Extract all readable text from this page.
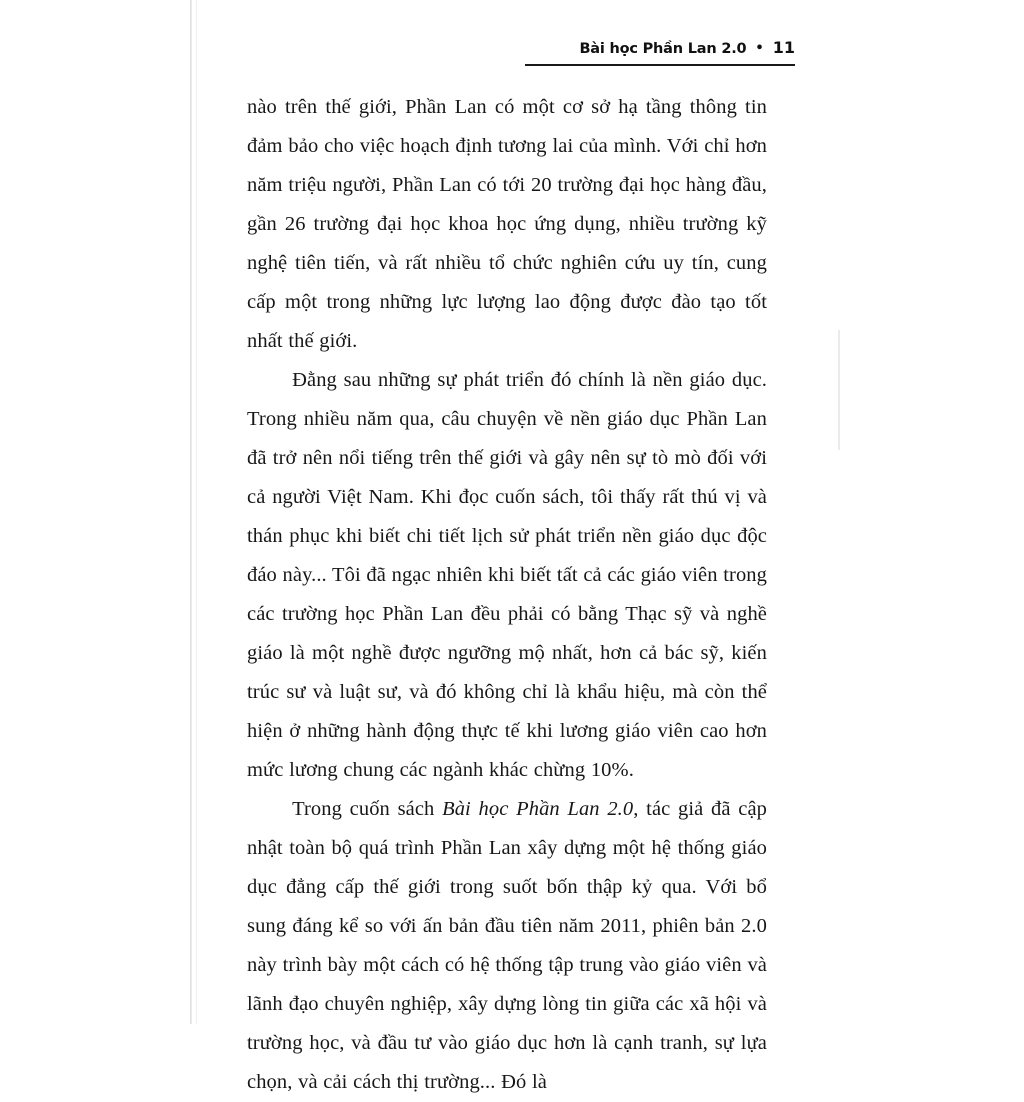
Bài học Phần Lan 2.0 • 11

nào trên thế giới, Phần Lan có một cơ sở hạ tầng thông tin đảm bảo cho việc hoạch định tương lai của mình. Với chỉ hơn năm triệu người, Phần Lan có tới 20 trường đại học hàng đầu, gần 26 trường đại học khoa học ứng dụng, nhiều trường kỹ nghệ tiên tiến, và rất nhiều tổ chức nghiên cứu uy tín, cung cấp một trong những lực lượng lao động được đào tạo tốt nhất thế giới.

Đằng sau những sự phát triển đó chính là nền giáo dục. Trong nhiều năm qua, câu chuyện về nền giáo dục Phần Lan đã trở nên nổi tiếng trên thế giới và gây nên sự tò mò đối với cả người Việt Nam. Khi đọc cuốn sách, tôi thấy rất thú vị và thán phục khi biết chi tiết lịch sử phát triển nền giáo dục độc đáo này... Tôi đã ngạc nhiên khi biết tất cả các giáo viên trong các trường học Phần Lan đều phải có bằng Thạc sỹ và nghề giáo là một nghề được ngưỡng mộ nhất, hơn cả bác sỹ, kiến trúc sư và luật sư, và đó không chỉ là khẩu hiệu, mà còn thể hiện ở những hành động thực tế khi lương giáo viên cao hơn mức lương chung các ngành khác chừng 10%.

Trong cuốn sách Bài học Phần Lan 2.0, tác giả đã cập nhật toàn bộ quá trình Phần Lan xây dựng một hệ thống giáo dục đẳng cấp thế giới trong suốt bốn thập kỷ qua. Với bổ sung đáng kể so với ấn bản đầu tiên năm 2011, phiên bản 2.0 này trình bày một cách có hệ thống tập trung vào giáo viên và lãnh đạo chuyên nghiệp, xây dựng lòng tin giữa các xã hội và trường học, và đầu tư vào giáo dục hơn là cạnh tranh, sự lựa chọn, và cải cách thị trường... Đó là
